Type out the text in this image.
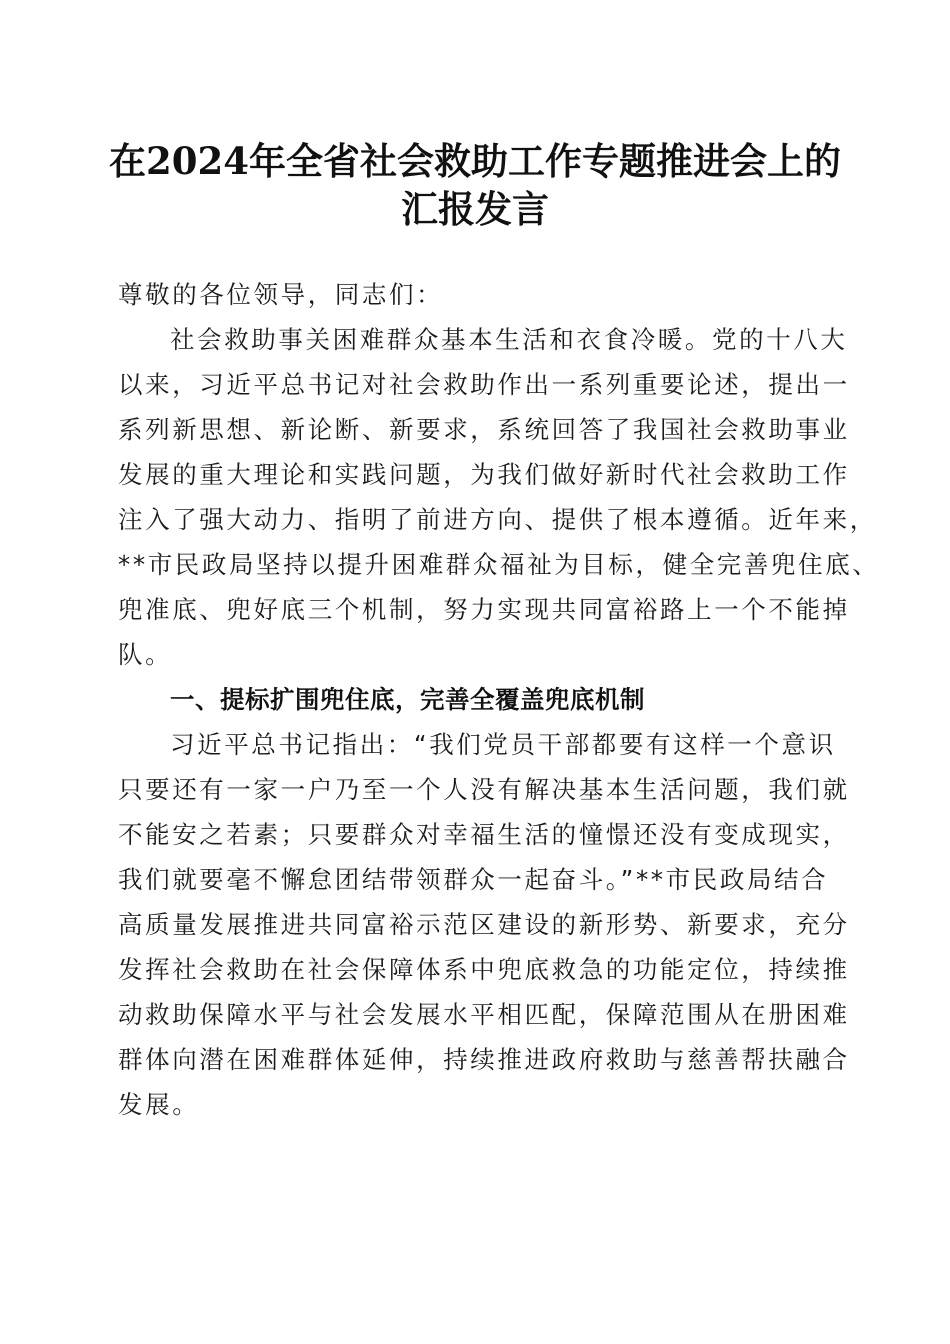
在2024年全省社会救助工作专题推进会上的
汇报发言
尊敬的各位领导，同志们：
社会救助事关困难群众基本生活和衣食冷暖。党的十八大
以来，习近平总书记对社会救助作出一系列重要论述，提出一
系列新思想、新论断、新要求，系统回答了我国社会救助事业
发展的重大理论和实践问题，为我们做好新时代社会救助工作
注入了强大动力、指明了前进方向、提供了根本遵循。近年来，
**市民政局坚持以提升困难群众福祉为目标，健全完善兜住底、
兜准底、兜好底三个机制，努力实现共同富裕路上一个不能掉
队。
一、提标扩围兜住底，完善全覆盖兜底机制
习近平总书记指出：“我们党员干部都要有这样一个意识
只要还有一家一户乃至一个人没有解决基本生活问题，我们就
不能安之若素；只要群众对幸福生活的憧憬还没有变成现实，
我们就要毫不懈怠团结带领群众一起奋斗。”**市民政局结合
高质量发展推进共同富裕示范区建设的新形势、新要求，充分
发挥社会救助在社会保障体系中兜底救急的功能定位，持续推
动救助保障水平与社会发展水平相匹配，保障范围从在册困难
群体向潜在困难群体延伸，持续推进政府救助与慈善帮扶融合
发展。
